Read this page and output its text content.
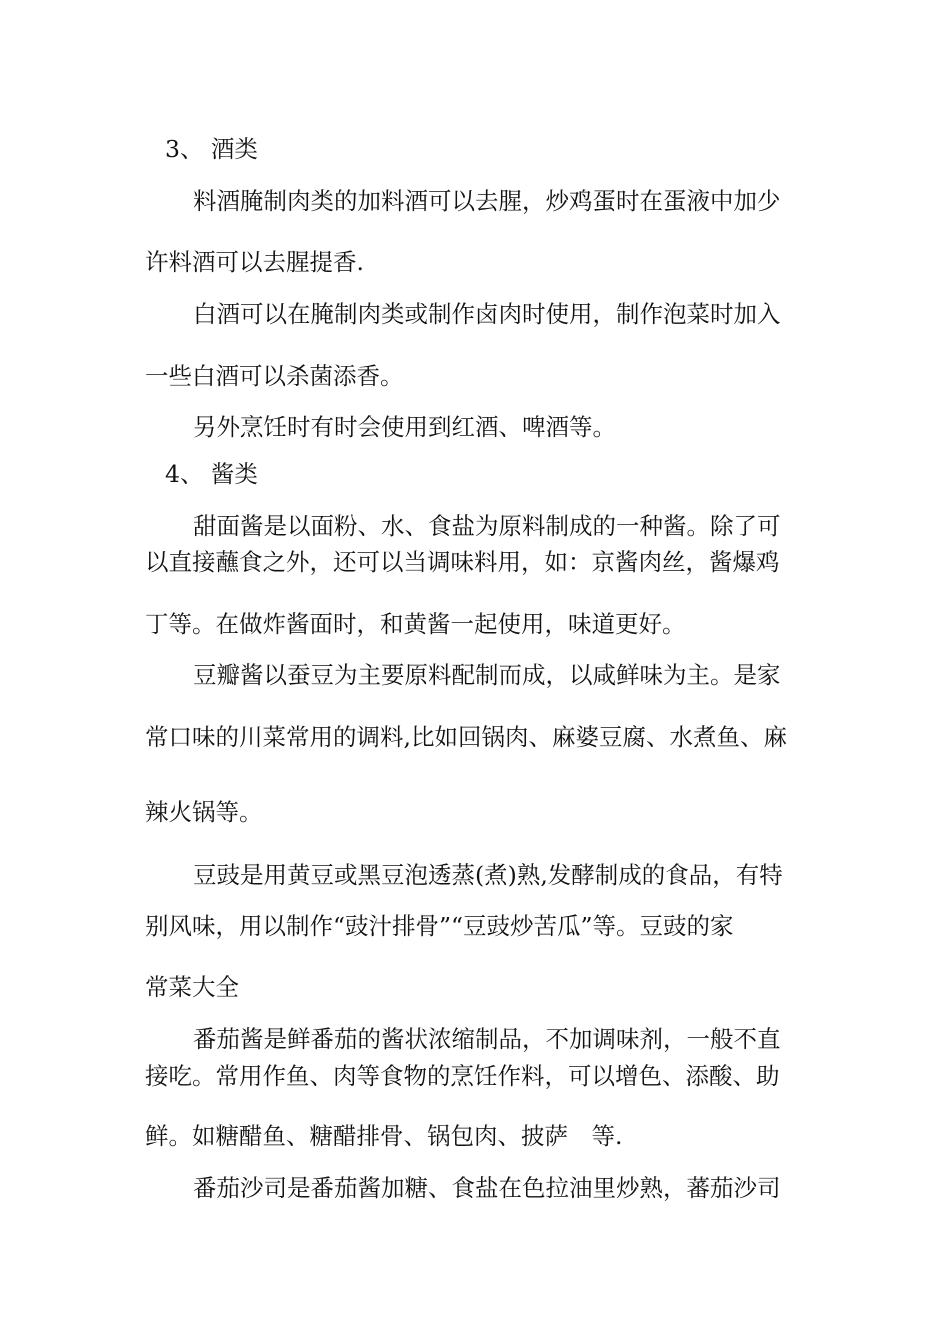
3、 酒类
料酒腌制肉类的加料酒可以去腥，炒鸡蛋时在蛋液中加少
许料酒可以去腥提香.
白酒可以在腌制肉类或制作卤肉时使用，制作泡菜时加入
一些白酒可以杀菌添香。
另外烹饪时有时会使用到红酒、啤酒等。
4、 酱类
甜面酱是以面粉、水、食盐为原料制成的一种酱。除了可
以直接蘸食之外，还可以当调味料用，如：京酱肉丝，酱爆鸡
丁等。在做炸酱面时，和黄酱一起使用，味道更好。
豆瓣酱以蚕豆为主要原料配制而成，以咸鲜味为主。是家
常口味的川菜常用的调料,比如回锅肉、麻婆豆腐、水煮鱼、麻
辣火锅等。
豆豉是用黄豆或黑豆泡透蒸(煮)熟,发酵制成的食品，有特
别风味，用以制作“豉汁排骨”“豆豉炒苦瓜”等。豆豉的家
常菜大全
番茄酱是鲜番茄的酱状浓缩制品，不加调味剂，一般不直
接吃。常用作鱼、肉等食物的烹饪作料，可以增色、添酸、助
鲜。如糖醋鱼、糖醋排骨、锅包肉、披萨　等.
番茄沙司是番茄酱加糖、食盐在色拉油里炒熟，蕃茄沙司
